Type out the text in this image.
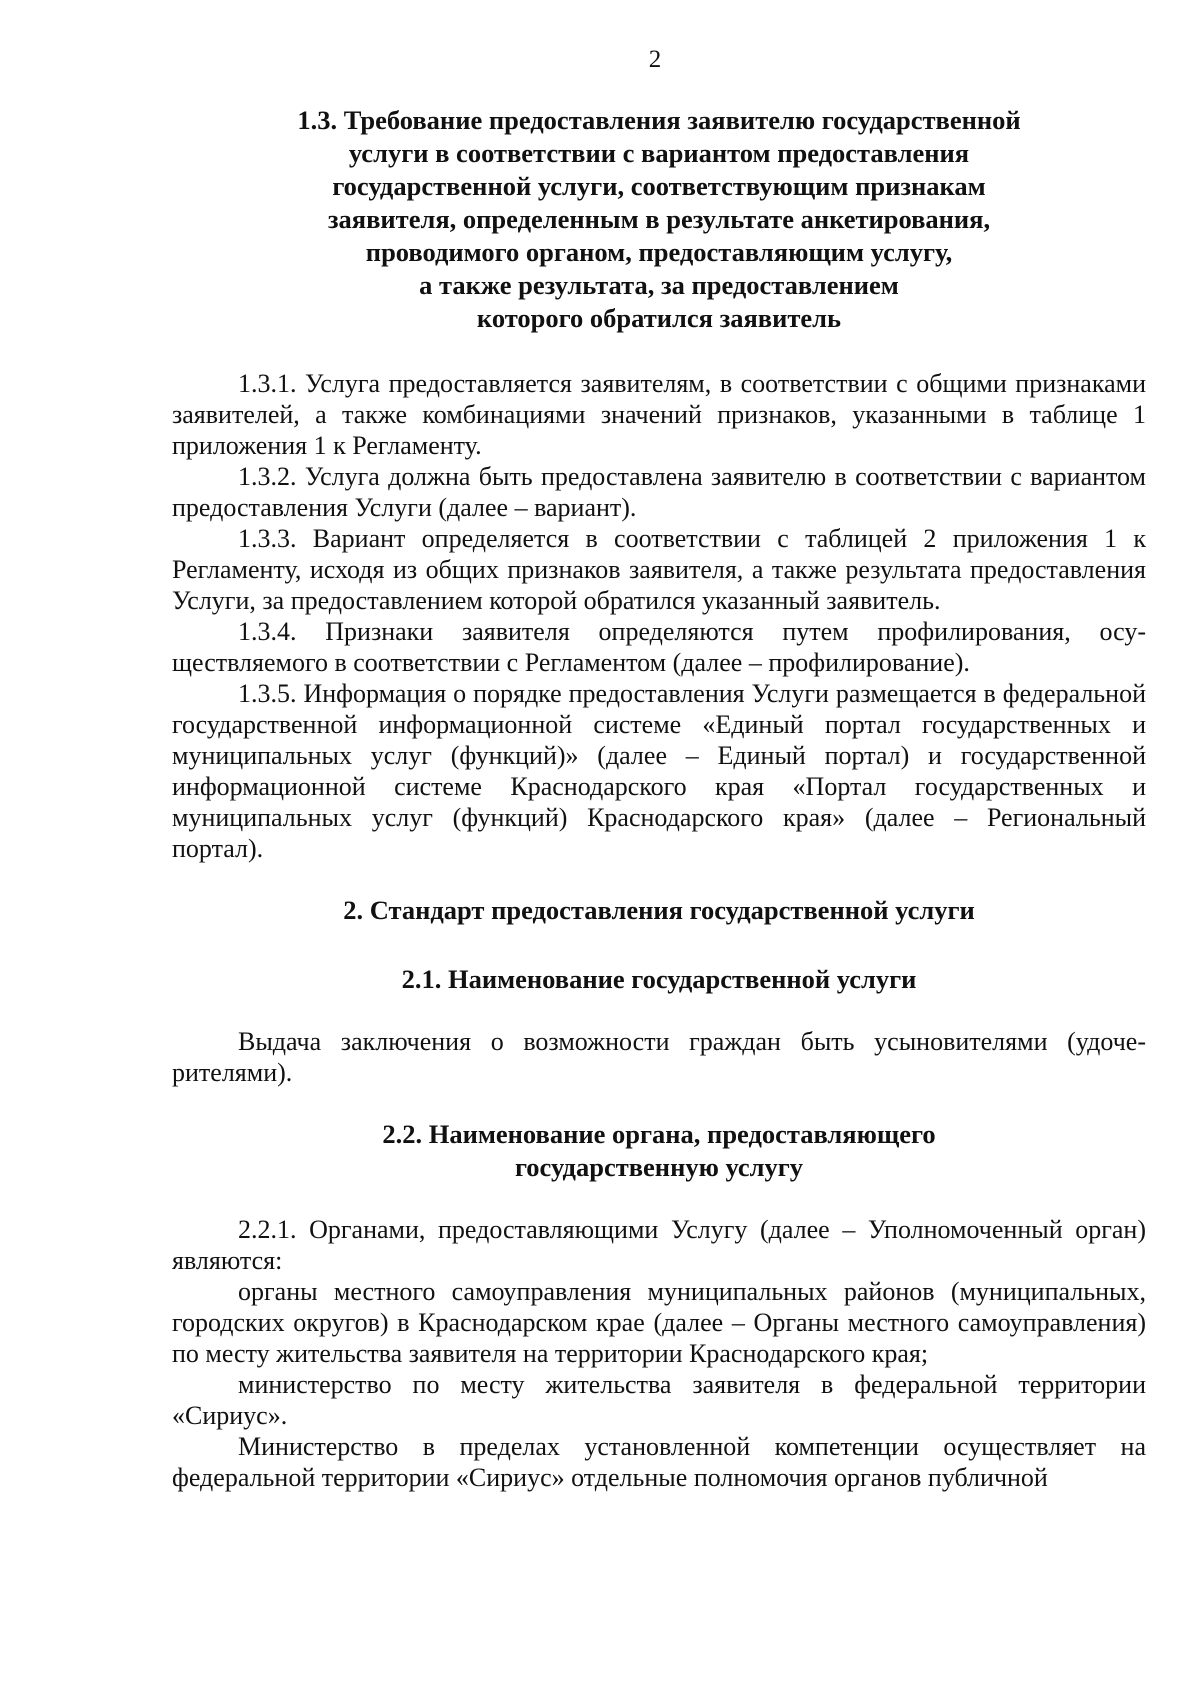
2
1.3. Требование предоставления заявителю государственной
услуги в соответствии с вариантом предоставления
государственной услуги, соответствующим признакам
заявителя, определенным в результате анкетирования,
проводимого органом, предоставляющим услугу,
а также результата, за предоставлением
которого обратился заявитель

1.3.1. Услуга предоставляется заявителям, в соответствии с общими признаками заявителей, а также комбинациями значений признаков, указанными в таблице 1 приложения 1 к Регламенту.

1.3.2. Услуга должна быть предоставлена заявителю в соответствии с вариантом предоставления Услуги (далее – вариант).

1.3.3. Вариант определяется в соответствии с таблицей 2 приложения 1 к Регламенту, исходя из общих признаков заявителя, а также результата предоставления Услуги, за предоставлением которой обратился указанный заявитель.

1.3.4. Признаки заявителя определяются путем профилирования, осуществляемого в соответствии с Регламентом (далее – профилирование).

1.3.5. Информация о порядке предоставления Услуги размещается в федеральной государственной информационной системе «Единый портал государственных и муниципальных услуг (функций)» (далее – Единый портал) и государственной информационной системе Краснодарского края «Портал государственных и муниципальных услуг (функций) Краснодарского края» (далее – Региональный портал).

2. Стандарт предоставления государственной услуги
2.1. Наименование государственной услуги

Выдача заключения о возможности граждан быть усыновителями (удочерителями).

2.2. Наименование органа, предоставляющего
государственную услугу

2.2.1. Органами, предоставляющими Услугу (далее – Уполномоченный орган) являются:

органы местного самоуправления муниципальных районов (муниципальных, городских округов) в Краснодарском крае (далее – Органы местного самоуправления) по месту жительства заявителя на территории Краснодарского края;

министерство по месту жительства заявителя в федеральной территории «Сириус».

Министерство в пределах установленной компетенции осуществляет на федеральной территории «Сириус» отдельные полномочия органов публичной
